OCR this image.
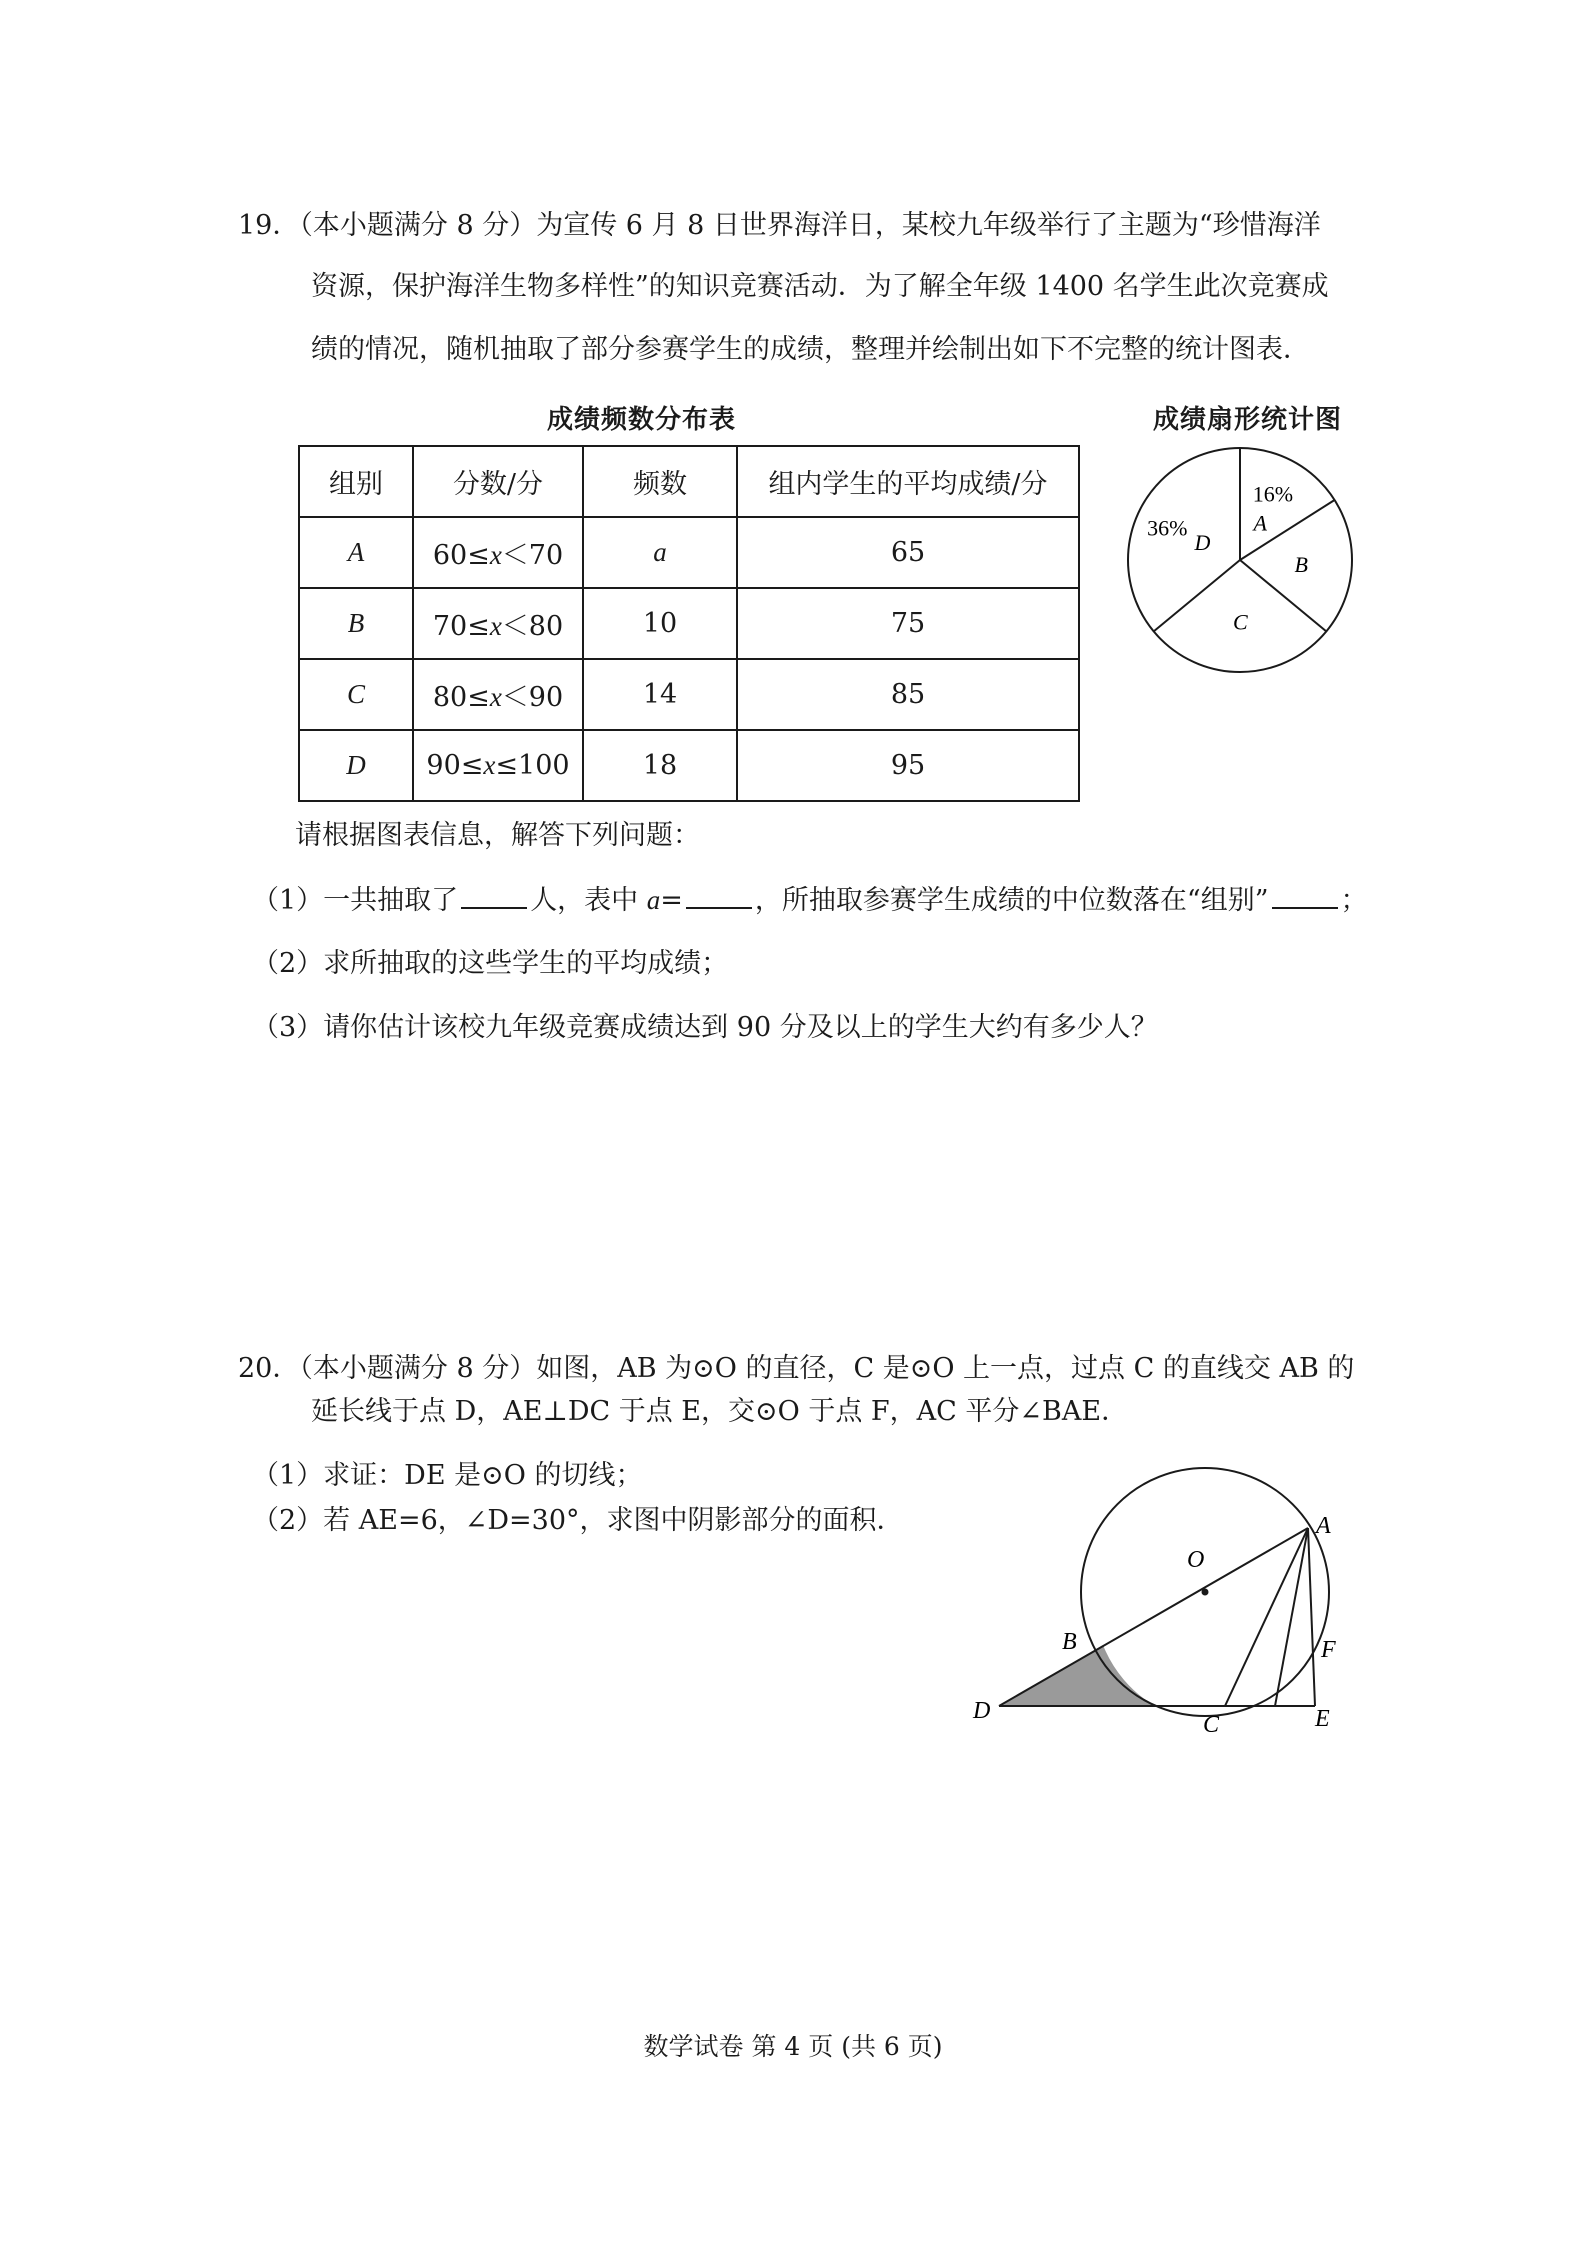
19．（本小题满分 8 分）为宣传 6 月 8 日世界海洋日，某校九年级举行了主题为“珍惜海洋
资源，保护海洋生物多样性”的知识竞赛活动．为了解全年级 1400 名学生此次竞赛成
绩的情况，随机抽取了部分参赛学生的成绩，整理并绘制出如下不完整的统计图表．
成绩频数分布表	成绩扇形统计图
组别	分数/分	频数	组内学生的平均成绩/分
A	60≤x＜70	a	65
B	70≤x＜80	10	75
C	80≤x＜90	14	85
D	90≤x≤100	18	95
A
16%
B
C
D
36%
请根据图表信息，解答下列问题：
（1）一共抽取了	人，表中 a=	，所抽取参赛学生成绩的中位数落在“组别”	；
（2）求所抽取的这些学生的平均成绩；
（3）请你估计该校九年级竞赛成绩达到 90 分及以上的学生大约有多少人？
20．（本小题满分 8 分）如图，AB 为⊙O 的直径，C 是⊙O 上一点，过点 C 的直线交 AB 的
延长线于点 D，AE⊥DC 于点 E，交⊙O 于点 F，AC 平分∠BAE．
（1）求证：DE 是⊙O 的切线；
（2）若 AE=6，∠D=30°，求图中阴影部分的面积．	A
O
B	F
D
C	E
数学试卷 第 4 页 (共 6 页)
